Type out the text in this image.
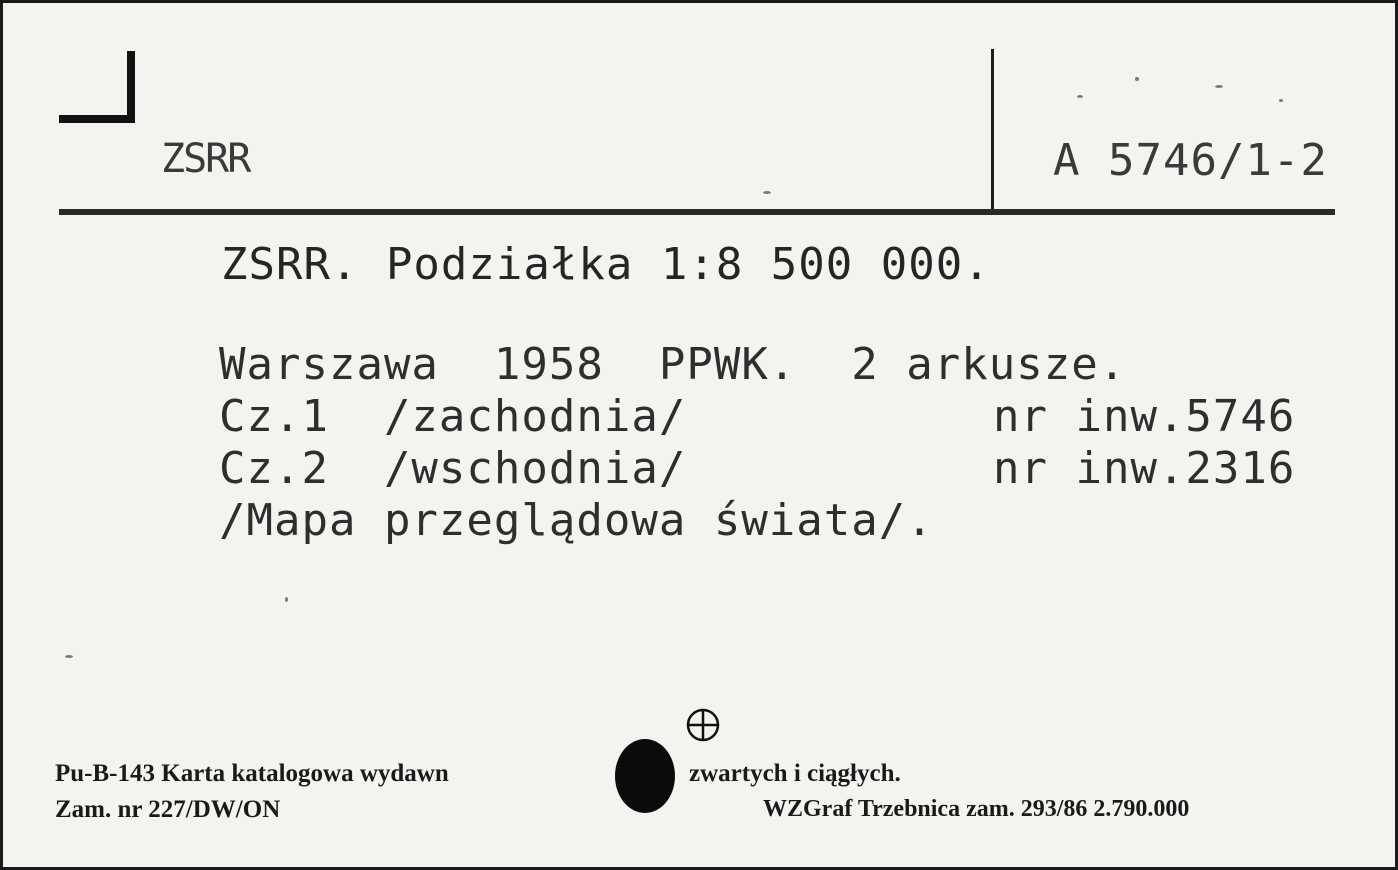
ZSRR	A 5746/1-2
ZSRR. Podziałka 1:8 500 000.
Warszawa  1958  PPWK.  2 arkusze.
Cz.1  /zachodnia/	nr inw.5746
Cz.2  /wschodnia/	nr inw.2316
/Mapa przeglądowa świata/.
Pu-B-143 Karta katalogowa wydawn	zwartych i ciągłych.
Zam. nr 227/DW/ON	WZGraf Trzebnica zam. 293/86 2.790.000
